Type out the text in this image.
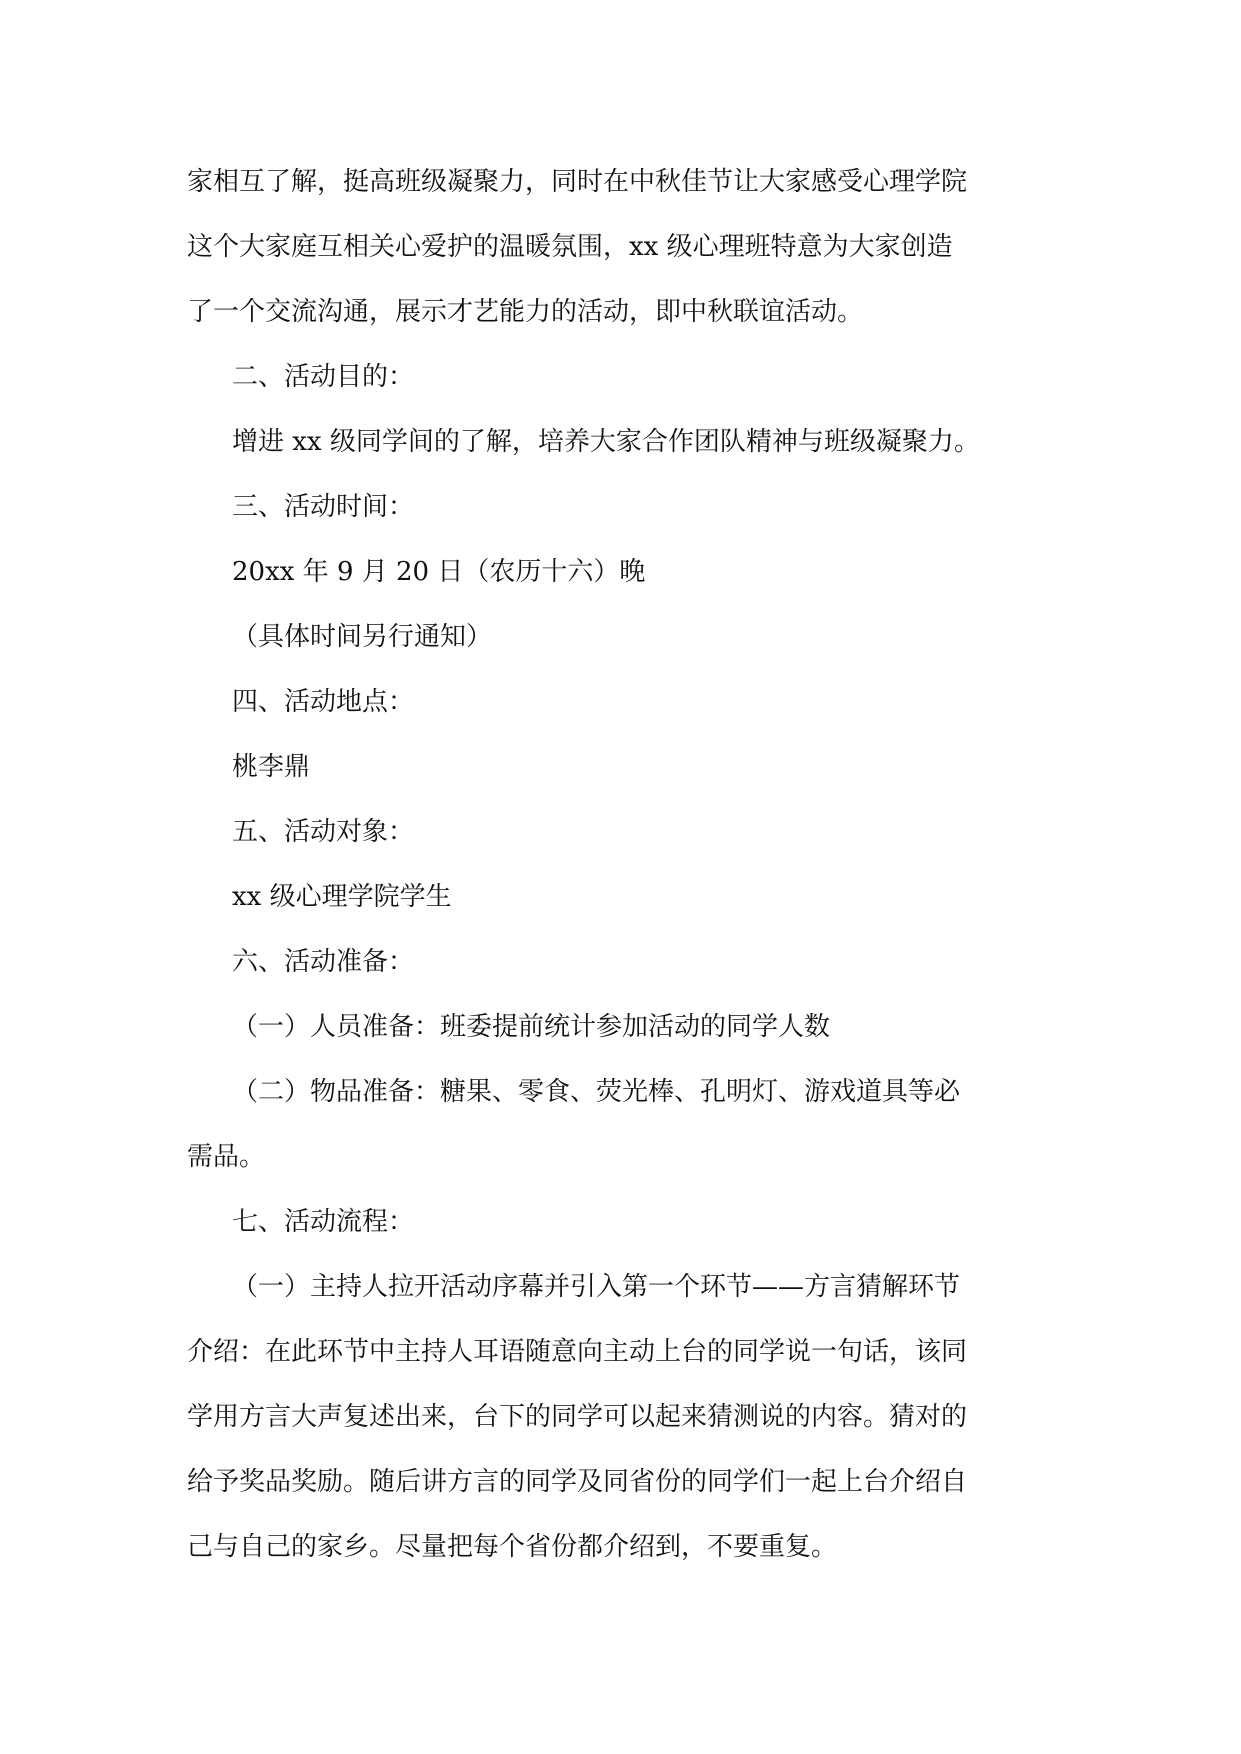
家相互了解，挺高班级凝聚力，同时在中秋佳节让大家感受心理学院

这个大家庭互相关心爱护的温暖氛围，xx 级心理班特意为大家创造

了一个交流沟通，展示才艺能力的活动，即中秋联谊活动。

二、活动目的：

增进 xx 级同学间的了解，培养大家合作团队精神与班级凝聚力。

三、活动时间：

20xx 年 9 月 20 日（农历十六）晚

（具体时间另行通知）

四、活动地点：

桃李鼎

五、活动对象：

xx 级心理学院学生

六、活动准备：

（一）人员准备：班委提前统计参加活动的同学人数

（二）物品准备：糖果、零食、荧光棒、孔明灯、游戏道具等必

需品。

七、活动流程：

（一）主持人拉开活动序幕并引入第一个环节——方言猜解环节

介绍：在此环节中主持人耳语随意向主动上台的同学说一句话，该同

学用方言大声复述出来，台下的同学可以起来猜测说的内容。猜对的

给予奖品奖励。随后讲方言的同学及同省份的同学们一起上台介绍自

己与自己的家乡。尽量把每个省份都介绍到，不要重复。
